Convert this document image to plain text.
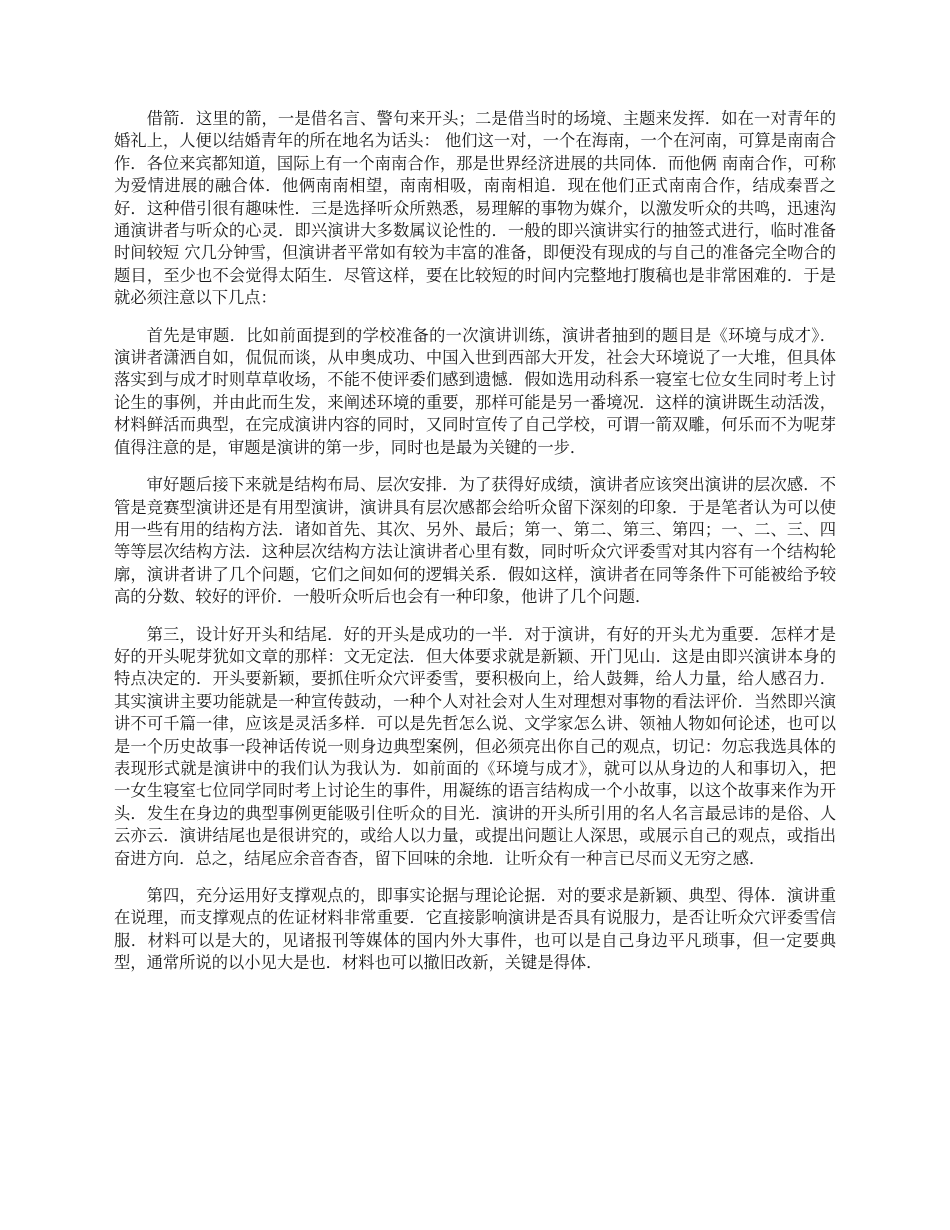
借箭．这里的箭，一是借名言、警句来开头；二是借当时的场境、主题来发挥．如在一对青年的婚礼上，人便以结婚青年的所在地名为话头： 他们这一对，一个在海南，一个在河南，可算是南南合作．各位来宾都知道，国际上有一个南南合作，那是世界经济进展的共同体．而他俩 南南合作，可称为爱情进展的融合体．他俩南南相望，南南相吸，南南相追．现在他们正式南南合作，结成秦晋之好．这种借引很有趣味性．三是选择听众所熟悉，易理解的事物为媒介，以激发听众的共鸣，迅速沟通演讲者与听众的心灵．即兴演讲大多数属议论性的．一般的即兴演讲实行的抽签式进行，临时准备时间较短 穴几分钟雪，但演讲者平常如有较为丰富的准备，即便没有现成的与自己的准备完全吻合的题目，至少也不会觉得太陌生．尽管这样，要在比较短的时间内完整地打腹稿也是非常困难的．于是就必须注意以下几点：

首先是审题．比如前面提到的学校准备的一次演讲训练，演讲者抽到的题目是《环境与成才》．演讲者潇洒自如，侃侃而谈，从申奥成功、中国入世到西部大开发，社会大环境说了一大堆，但具体落实到与成才时则草草收场，不能不使评委们感到遗憾．假如选用动科系一寝室七位女生同时考上讨论生的事例，并由此而生发，来阐述环境的重要，那样可能是另一番境况．这样的演讲既生动活泼，材料鲜活而典型，在完成演讲内容的同时，又同时宣传了自己学校，可谓一箭双雕，何乐而不为呢芽值得注意的是，审题是演讲的第一步，同时也是最为关键的一步．

审好题后接下来就是结构布局、层次安排．为了获得好成绩，演讲者应该突出演讲的层次感．不管是竞赛型演讲还是有用型演讲，演讲具有层次感都会给听众留下深刻的印象．于是笔者认为可以使用一些有用的结构方法．诸如首先、其次、另外、最后；第一、第二、第三、第四；一、二、三、四等等层次结构方法．这种层次结构方法让演讲者心里有数，同时听众穴评委雪对其内容有一个结构轮廓，演讲者讲了几个问题，它们之间如何的逻辑关系．假如这样，演讲者在同等条件下可能被给予较高的分数、较好的评价．一般听众听后也会有一种印象，他讲了几个问题．

第三，设计好开头和结尾．好的开头是成功的一半．对于演讲，有好的开头尤为重要．怎样才是好的开头呢芽犹如文章的那样：文无定法．但大体要求就是新颖、开门见山．这是由即兴演讲本身的特点决定的．开头要新颖，要抓住听众穴评委雪，要积极向上，给人鼓舞，给人力量，给人感召力．其实演讲主要功能就是一种宣传鼓动，一种个人对社会对人生对理想对事物的看法评价．当然即兴演讲不可千篇一律，应该是灵活多样．可以是先哲怎么说、文学家怎么讲、领袖人物如何论述，也可以是一个历史故事一段神话传说一则身边典型案例，但必须亮出你自己的观点，切记：勿忘我选具体的表现形式就是演讲中的我们认为我认为．如前面的《环境与成才》，就可以从身边的人和事切入，把一女生寝室七位同学同时考上讨论生的事件，用凝练的语言结构成一个小故事，以这个故事来作为开头．发生在身边的典型事例更能吸引住听众的目光．演讲的开头所引用的名人名言最忌讳的是俗、人云亦云．演讲结尾也是很讲究的，或给人以力量，或提出问题让人深思，或展示自己的观点，或指出奋进方向．总之，结尾应余音杳杳，留下回味的余地．让听众有一种言已尽而义无穷之感．

第四，充分运用好支撑观点的，即事实论据与理论论据．对的要求是新颖、典型、得体．演讲重在说理，而支撑观点的佐证材料非常重要．它直接影响演讲是否具有说服力，是否让听众穴评委雪信服．材料可以是大的，见诸报刊等媒体的国内外大事件，也可以是自己身边平凡琐事，但一定要典型，通常所说的以小见大是也．材料也可以撤旧改新，关键是得体．
